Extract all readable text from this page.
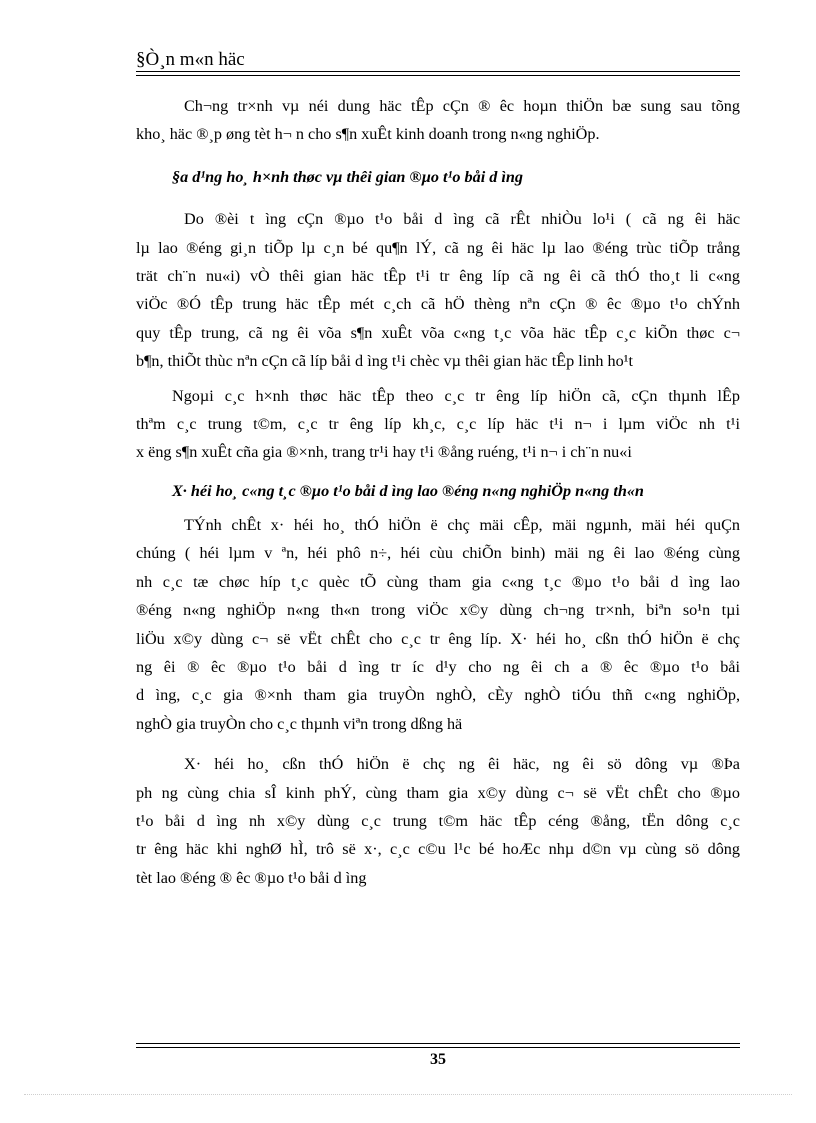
§Ò¸n m«n häc
Ch¬ng tr×nh vµ néi dung häc tÊp cÇn ® êc hoµn thiÖn bæ sung sau tõng
kho¸ häc ®¸p øng tèt h¬ n cho s¶n xuÊt kinh doanh trong n«ng nghiÖp.
§a d¹ng ho¸ h×nh thøc vµ thêi gian ®µo t¹o båi d ìng
Do ®èi t ìng cÇn ®µo t¹o båi d ìng cã rÊt nhiÒu lo¹i ( cã ng êi häc
lµ lao ®éng gi¸n tiÕp lµ c¸n bé qu¶n lÝ, cã ng êi häc lµ lao ®éng trùc tiÕp trång
trät ch¨n nu«i) vÒ thêi gian häc tÊp t¹i tr êng líp cã ng êi cã thÓ tho¸t li c«ng
viÖc ®Ó tÊp trung häc tÊp mét c¸ch cã hÖ thèng nªn cÇn ® êc ®µo t¹o chÝnh
quy tÊp trung, cã ng êi võa s¶n xuÊt võa c«ng t¸c võa häc tÊp c¸c kiÕn thøc c¬
b¶n, thiÕt thùc nªn cÇn cã líp båi d ìng t¹i chèc vµ thêi gian häc tÊp linh ho¹t
Ngoµi c¸c h×nh thøc häc tÊp theo c¸c tr êng líp hiÖn cã, cÇn thµnh lÊp
thªm c¸c trung t©m, c¸c tr êng líp kh¸c, c¸c líp häc t¹i n¬ i lµm viÖc nh t¹i
x ëng s¶n xuÊt cña gia ®×nh, trang tr¹i hay t¹i ®ång ruéng, t¹i n¬ i ch¨n nu«i
X· héi ho¸ c«ng t¸c ®µo t¹o båi d ìng lao ®éng n«ng nghiÖp n«ng th«n
TÝnh chÊt x· héi ho¸ thÓ hiÖn ë chç mäi cÊp, mäi ngµnh, mäi héi quÇn
chúng ( héi lµm v ªn, héi phô n÷, héi cùu chiÕn binh) mäi ng êi lao ®éng cùng
nh c¸c tæ chøc híp t¸c quèc tÕ cùng tham gia c«ng t¸c ®µo t¹o båi d ìng lao
®éng n«ng nghiÖp n«ng th«n trong viÖc x©y dùng ch¬ng tr×nh, biªn so¹n tµi
liÖu x©y dùng c¬ së vËt chÊt cho c¸c tr êng líp. X· héi ho¸ cßn thÓ hiÖn ë chç
ng êi ® êc ®µo t¹o båi d ìng tr íc d¹y cho ng êi ch a ® êc ®µo t¹o båi
d ìng, c¸c gia ®×nh tham gia truyÒn nghÒ, cÈy nghÒ tiÓu thñ c«ng nghiÖp,
nghÒ gia truyÒn cho c¸c thµnh viªn trong dßng hä
X· héi ho¸ cßn thÓ hiÖn ë chç ng êi häc, ng êi sö dông vµ ®Þa
ph ng cùng chia sÎ kinh phÝ, cùng tham gia x©y dùng c¬ së vËt chÊt cho ®µo
t¹o båi d ìng nh x©y dùng c¸c trung t©m häc tÊp céng ®ång, tËn dông c¸c
tr êng häc khi nghØ hÌ, trô së x·, c¸c c©u l¹c bé hoÆc nhµ d©n vµ cùng sö dông
tèt lao ®éng ® êc ®µo t¹o båi d ìng
35
